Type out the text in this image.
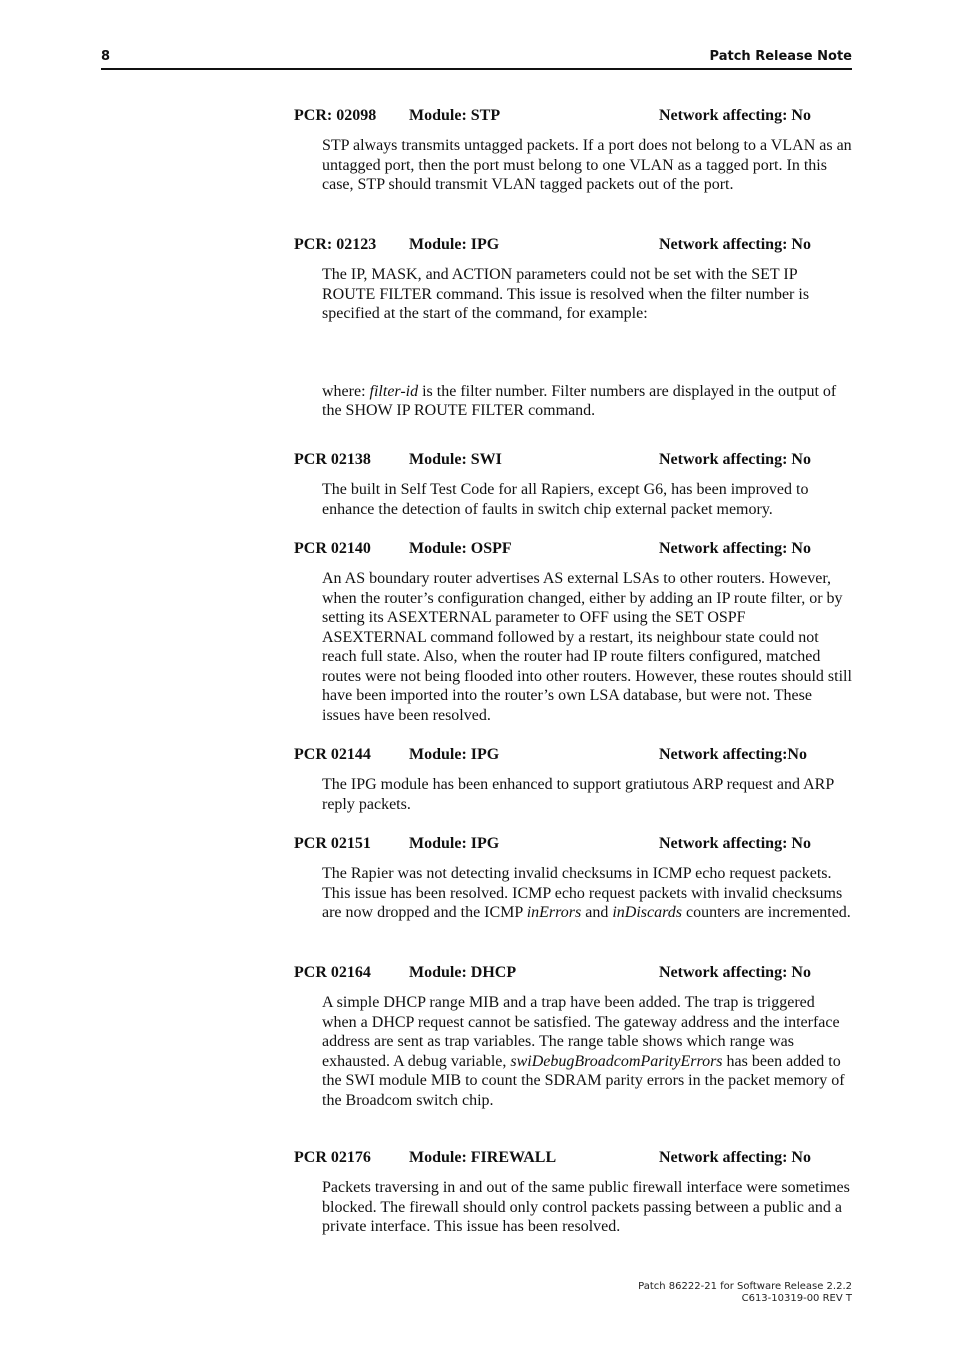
8	Patch Release Note
PCR: 02098 Module: STP	Network affecting: No

STP always transmits untagged packets. If a port does not belong to a VLAN as an untagged port, then the port must belong to one VLAN as a tagged port. In this case, STP should transmit VLAN tagged packets out of the port.

PCR: 02123 Module: IPG	Network affecting: No

The IP, MASK, and ACTION parameters could not be set with the SET IP ROUTE FILTER command. This issue is resolved when the filter number is specified at the start of the command, for example:

where: filter-id is the filter number. Filter numbers are displayed in the output of the SHOW IP ROUTE FILTER command.

PCR 02138 Module: SWI	Network affecting: No

The built in Self Test Code for all Rapiers, except G6, has been improved to enhance the detection of faults in switch chip external packet memory.

PCR 02140 Module: OSPF	Network affecting: No

An AS boundary router advertises AS external LSAs to other routers. However, when the router’s configuration changed, either by adding an IP route filter, or by setting its ASEXTERNAL parameter to OFF using the SET OSPF ASEXTERNAL command followed by a restart, its neighbour state could not reach full state. Also, when the router had IP route filters configured, matched routes were not being flooded into other routers. However, these routes should still have been imported into the router’s own LSA database, but were not. These issues have been resolved.

PCR 02144 Module: IPG	Network affecting:No

The IPG module has been enhanced to support gratiutous ARP request and ARP reply packets.

PCR 02151 Module: IPG	Network affecting: No

The Rapier was not detecting invalid checksums in ICMP echo request packets. This issue has been resolved. ICMP echo request packets with invalid checksums are now dropped and the ICMP inErrors and inDiscards counters are incremented.

PCR 02164 Module: DHCP	Network affecting: No

A simple DHCP range MIB and a trap have been added. The trap is triggered when a DHCP request cannot be satisfied. The gateway address and the interface address are sent as trap variables. The range table shows which range was exhausted. A debug variable, swiDebugBroadcomParityErrors has been added to the SWI module MIB to count the SDRAM parity errors in the packet memory of the Broadcom switch chip.

PCR 02176 Module: FIREWALL	Network affecting: No

Packets traversing in and out of the same public firewall interface were sometimes blocked. The firewall should only control packets passing between a public and a private interface. This issue has been resolved.

Patch 86222-21 for Software Release 2.2.2
C613-10319-00 REV T
